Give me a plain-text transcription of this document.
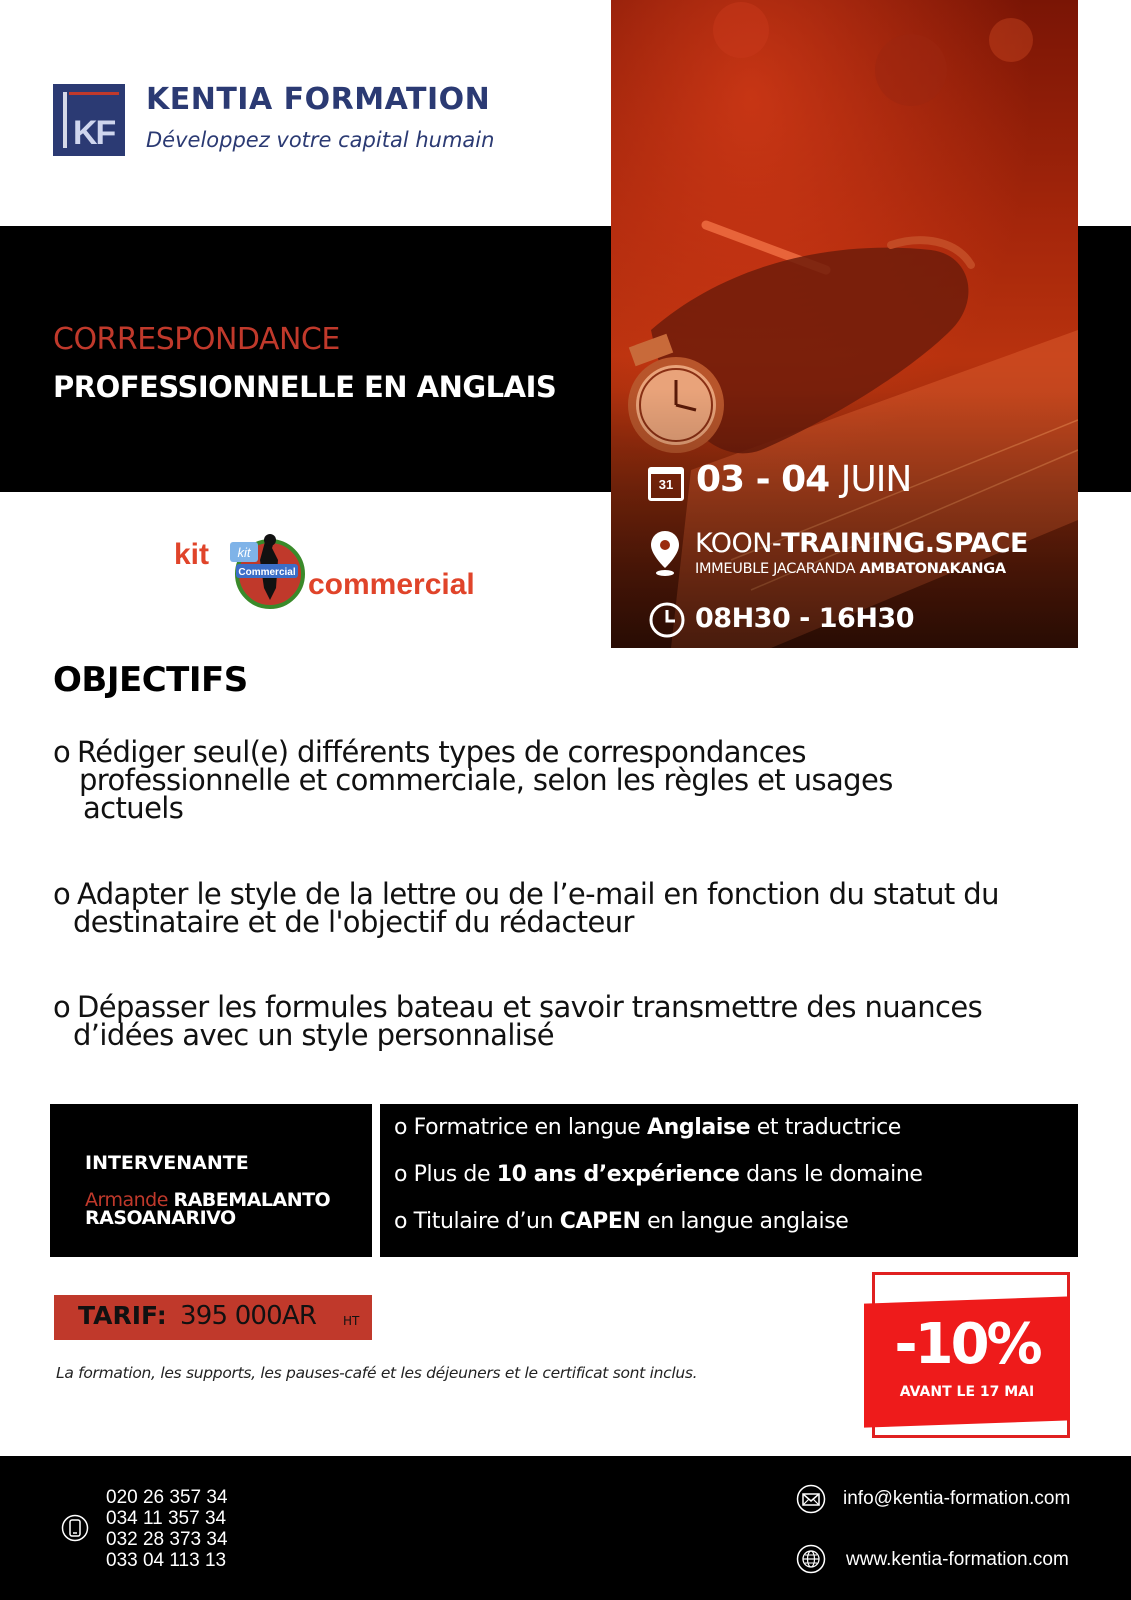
KF
KENTIA FORMATION
Développez votre capital humain
CORRESPONDANCE
PROFESSIONNELLE EN ANGLAIS
31 03 - 04 JUIN
KOON-TRAINING.SPACE
IMMEUBLE JACARANDA AMBATONAKANGA
08H30 - 16H30
kit kit
Commercial commercial
OBJECTIFS
o Rédiger seul(e) différents types de correspondances
professionnelle et commerciale, selon les règles et usages
actuels
o Adapter le style de la lettre ou de l’e-mail en fonction du statut du
destinataire et de l'objectif du rédacteur
o Dépasser les formules bateau et savoir transmettre des nuances
d’idées avec un style personnalisé
INTERVENANTE
Armande RABEMALANTO
RASOANARIVO
o Formatrice en langue Anglaise et traductrice
o Plus de 10 ans d’expérience dans le domaine
o Titulaire d’un CAPEN en langue anglaise
TARIF: 395 000AR HT
La formation, les supports, les pauses-café et les déjeuners et le certificat sont inclus.	-10%
AVANT LE 17 MAI
020 26 357 34
034 11 357 34
032 28 373 34
033 04 113 13
info@kentia-formation.com
www.kentia-formation.com
